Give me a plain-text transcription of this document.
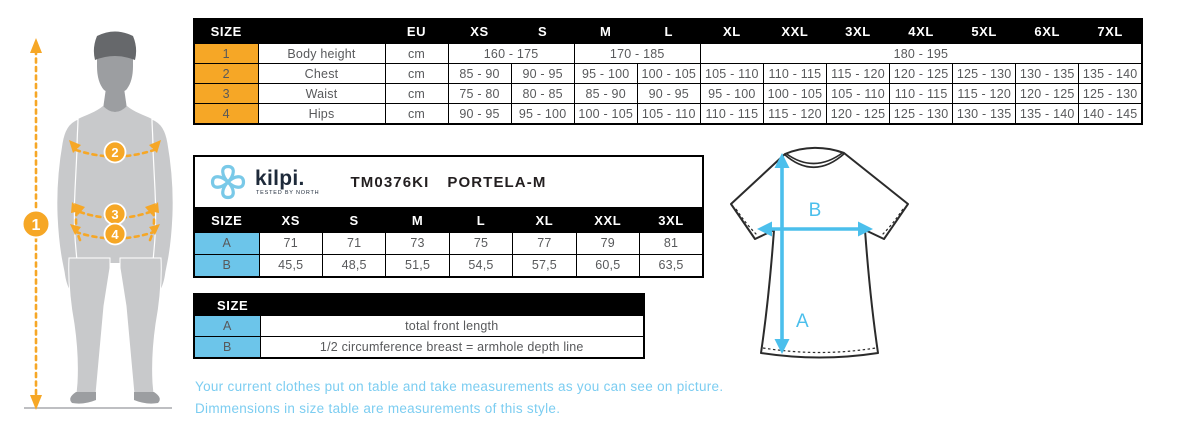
1
2
3
4
SIZE		EU	XS	S	M	L	XL	XXL	3XL	4XL	5XL	6XL	7XL
1	Body height	cm	160 - 175		170 - 185		180 - 195						
2	Chest	cm	85 - 90	90 - 95	95 - 100	100 - 105	105 - 110	110 - 115	115 - 120	120 - 125	125 - 130	130 - 135	135 - 140
3	Waist	cm	75 - 80	80 - 85	85 - 90	90 - 95	95 - 100	100 - 105	105 - 110	110 - 115	115 - 120	120 - 125	125 - 130
4	Hips	cm	90 - 95	95 - 100	100 - 105	105 - 110	110 - 115	115 - 120	120 - 125	125 - 130	130 - 135	135 - 140	140 - 145
kilpi.
TESTED BY NORTH
TM0376KI PORTELA-M
SIZE	XS	S	M	L	XL	XXL	3XL
A	71	71	73	75	77	79	81
B	45,5	48,5	51,5	54,5	57,5	60,5	63,5
SIZE	
A	total front length
B	1/2 circumference breast = armhole depth line
A
B
Your current clothes put on table and take measurements as you can see on picture.
Dimmensions in size table are measurements of this style.
